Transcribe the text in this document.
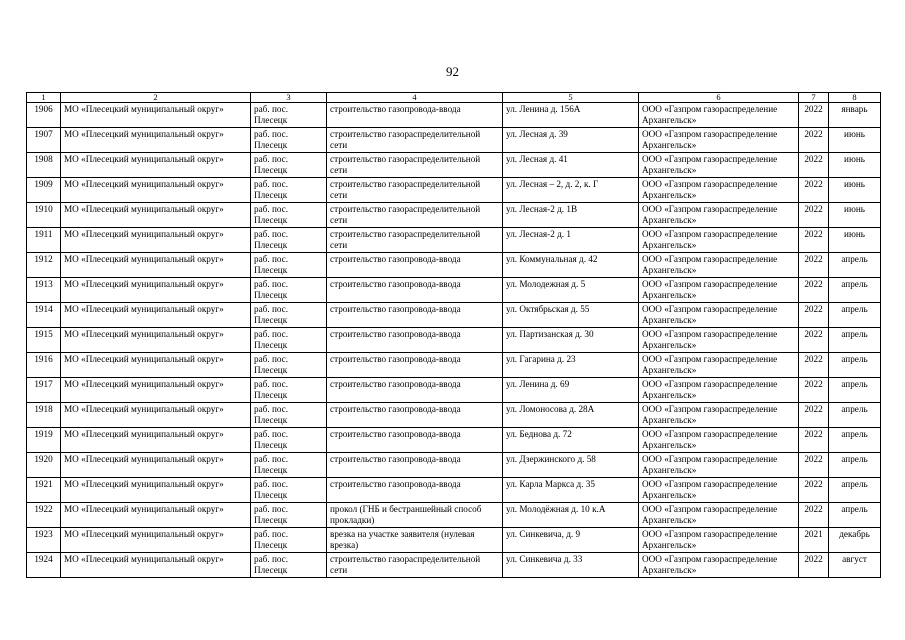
92
1	2	3	4	5	6	7	8
1906	МО «Плесецкий муниципальный округ»	раб. пос. Плесецк	строительство газопровода-ввода	ул. Ленина д. 156А	ООО «Газпром газораспределение Архангельск»	2022	январь
1907	МО «Плесецкий муниципальный округ»	раб. пос. Плесецк	строительство газораспределительной сети	ул. Лесная д. 39	ООО «Газпром газораспределение Архангельск»	2022	июнь
1908	МО «Плесецкий муниципальный округ»	раб. пос. Плесецк	строительство газораспределительной сети	ул. Лесная д. 41	ООО «Газпром газораспределение Архангельск»	2022	июнь
1909	МО «Плесецкий муниципальный округ»	раб. пос. Плесецк	строительство газораспределительной сети	ул. Лесная – 2, д. 2, к. Г	ООО «Газпром газораспределение Архангельск»	2022	июнь
1910	МО «Плесецкий муниципальный округ»	раб. пос. Плесецк	строительство газораспределительной сети	ул. Лесная-2 д. 1В	ООО «Газпром газораспределение Архангельск»	2022	июнь
1911	МО «Плесецкий муниципальный округ»	раб. пос. Плесецк	строительство газораспределительной сети	ул. Лесная-2 д. 1	ООО «Газпром газораспределение Архангельск»	2022	июнь
1912	МО «Плесецкий муниципальный округ»	раб. пос. Плесецк	строительство газопровода-ввода	ул. Коммунальная д. 42	ООО «Газпром газораспределение Архангельск»	2022	апрель
1913	МО «Плесецкий муниципальный округ»	раб. пос. Плесецк	строительство газопровода-ввода	ул. Молодежная д. 5	ООО «Газпром газораспределение Архангельск»	2022	апрель
1914	МО «Плесецкий муниципальный округ»	раб. пос. Плесецк	строительство газопровода-ввода	ул. Октябрьская д. 55	ООО «Газпром газораспределение Архангельск»	2022	апрель
1915	МО «Плесецкий муниципальный округ»	раб. пос. Плесецк	строительство газопровода-ввода	ул. Партизанская д. 30	ООО «Газпром газораспределение Архангельск»	2022	апрель
1916	МО «Плесецкий муниципальный округ»	раб. пос. Плесецк	строительство газопровода-ввода	ул. Гагарина д. 23	ООО «Газпром газораспределение Архангельск»	2022	апрель
1917	МО «Плесецкий муниципальный округ»	раб. пос. Плесецк	строительство газопровода-ввода	ул. Ленина д. 69	ООО «Газпром газораспределение Архангельск»	2022	апрель
1918	МО «Плесецкий муниципальный округ»	раб. пос. Плесецк	строительство газопровода-ввода	ул. Ломоносова д. 28А	ООО «Газпром газораспределение Архангельск»	2022	апрель
1919	МО «Плесецкий муниципальный округ»	раб. пос. Плесецк	строительство газопровода-ввода	ул. Беднова д. 72	ООО «Газпром газораспределение Архангельск»	2022	апрель
1920	МО «Плесецкий муниципальный округ»	раб. пос. Плесецк	строительство газопровода-ввода	ул. Дзержинского д. 58	ООО «Газпром газораспределение Архангельск»	2022	апрель
1921	МО «Плесецкий муниципальный округ»	раб. пос. Плесецк	строительство газопровода-ввода	ул. Карла Маркса д. 35	ООО «Газпром газораспределение Архангельск»	2022	апрель
1922	МО «Плесецкий муниципальный округ»	раб. пос. Плесецк	прокол (ГНБ и бестраншейный способ прокладки)	ул. Молодёжная д. 10 к.А	ООО «Газпром газораспределение Архангельск»	2022	апрель
1923	МО «Плесецкий муниципальный округ»	раб. пос. Плесецк	врезка на участке заявителя (нулевая врезка)	ул. Синкевича, д. 9	ООО «Газпром газораспределение Архангельск»	2021	декабрь
1924	МО «Плесецкий муниципальный округ»	раб. пос. Плесецк	строительство газораспределительной сети	ул. Синкевича д. 33	ООО «Газпром газораспределение Архангельск»	2022	август
